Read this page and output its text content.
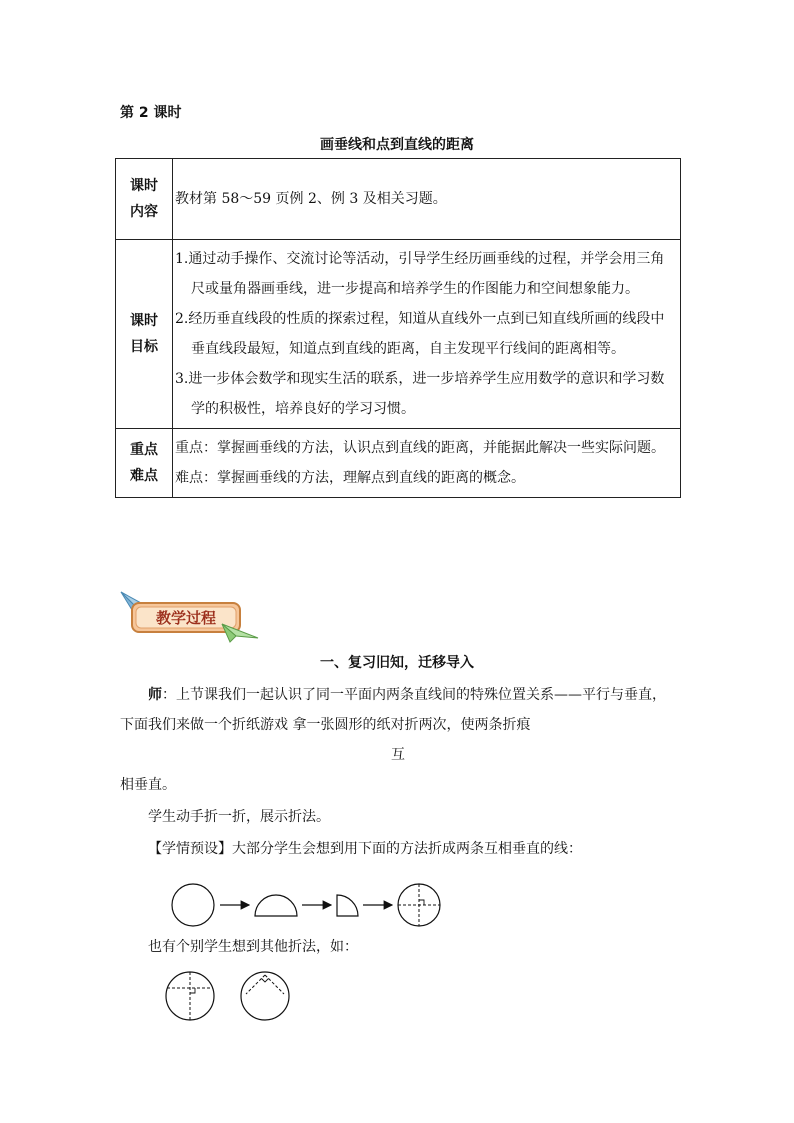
第 2 课时
画垂线和点到直线的距离
课时内容	教材第 58～59 页例 2、例 3 及相关习题。

课时目标	1.通过动手操作、交流讨论等活动，引导学生经历画垂线的过程，并学会用三角尺或量角器画垂线，进一步提高和培养学生的作图能力和空间想象能力。
2.经历垂直线段的性质的探索过程，知道从直线外一点到已知直线所画的线段中垂直线段最短，知道点到直线的距离，自主发现平行线间的距离相等。
3.进一步体会数学和现实生活的联系，进一步培养学生应用数学的意识和学习数学的积极性，培养良好的学习习惯。

重点难点	重点：掌握画垂线的方法，认识点到直线的距离，并能据此解决一些实际问题。
难点：掌握画垂线的方法，理解点到直线的距离的概念。
教学过程
一、复习旧知，迁移导入
师：上节课我们一起认识了同一平面内两条直线间的特殊位置关系——平行与垂直，下面我们来做一个折纸游戏 拿一张圆形的纸对折两次，使两条折痕
互
相垂直。
学生动手折一折，展示折法。
【学情预设】大部分学生会想到用下面的方法折成两条互相垂直的线：
也有个别学生想到其他折法，如：
